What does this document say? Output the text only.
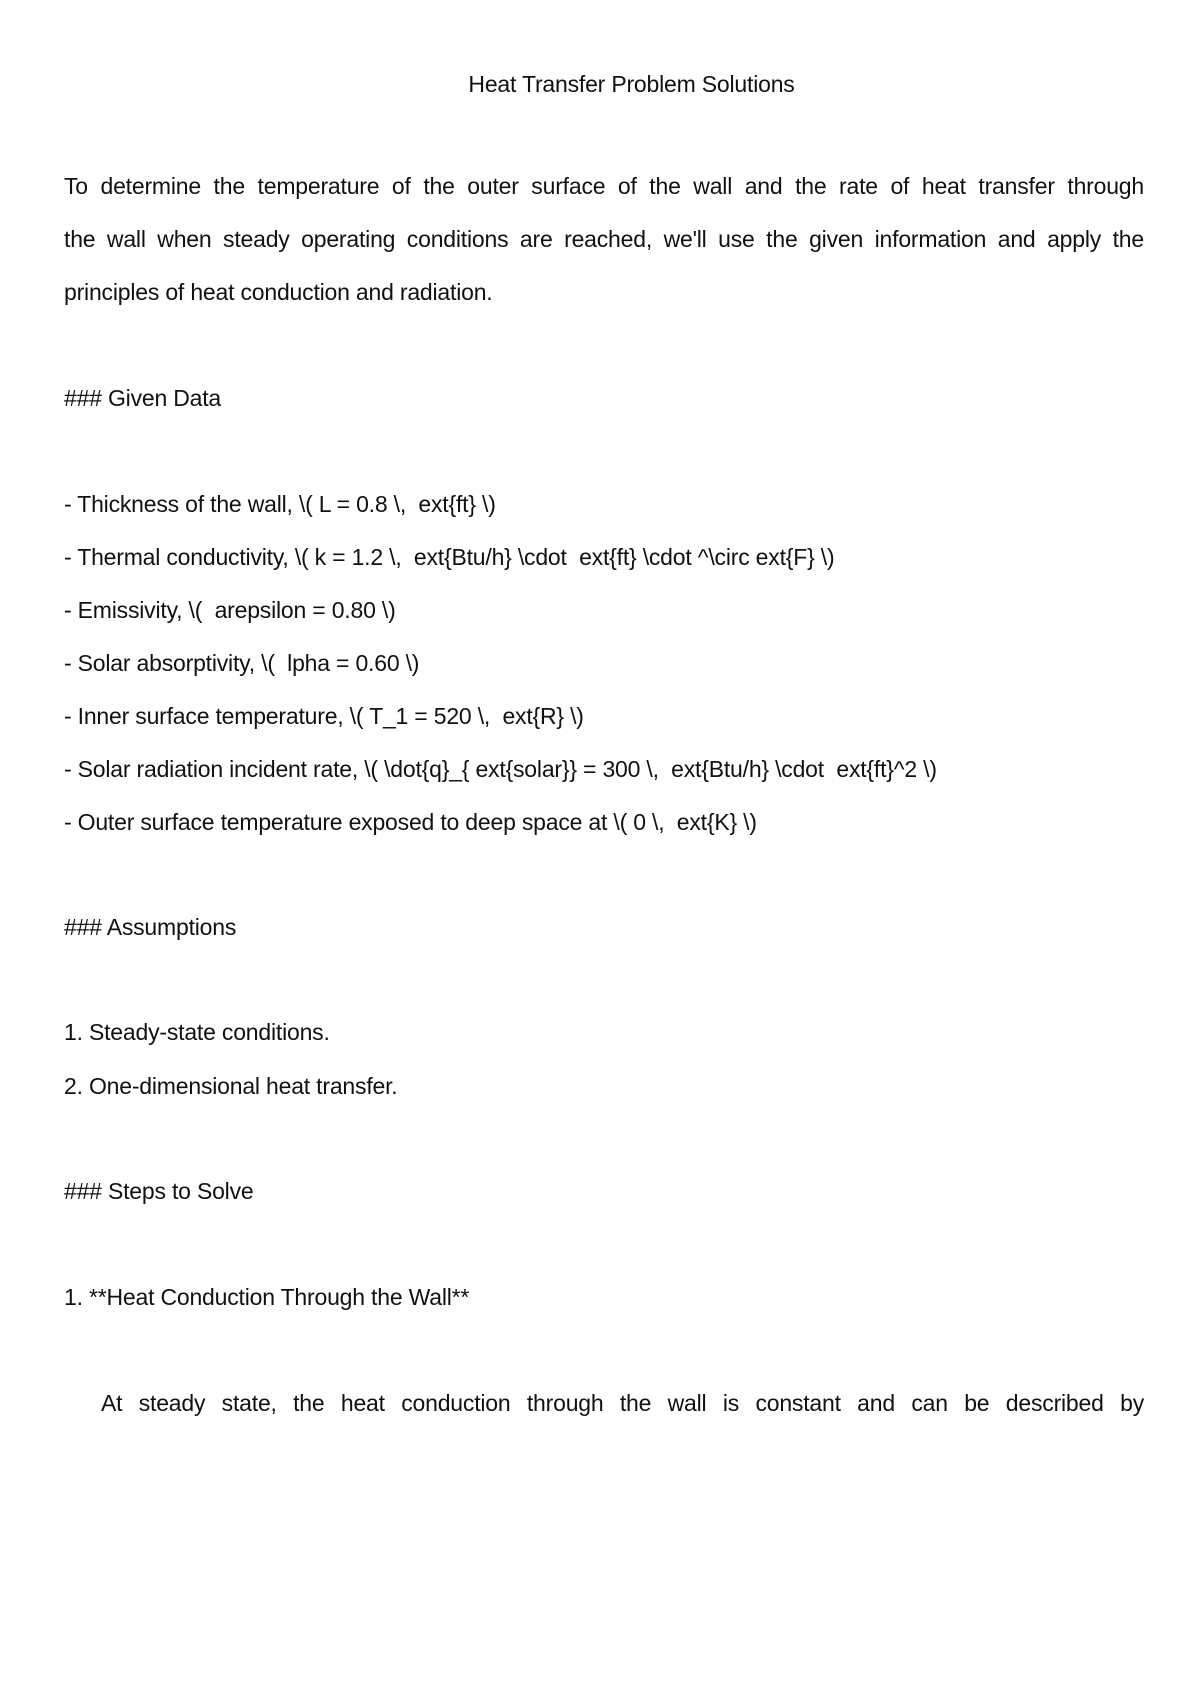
Heat Transfer Problem Solutions
To determine the temperature of the outer surface of the wall and the rate of heat transfer through
the wall when steady operating conditions are reached, we'll use the given information and apply the
principles of heat conduction and radiation.
### Given Data
- Thickness of the wall, \( L = 0.8 \,  ext{ft} \)
- Thermal conductivity, \( k = 1.2 \,  ext{Btu/h} \cdot  ext{ft} \cdot ^\circ ext{F} \)
- Emissivity, \(  arepsilon = 0.80 \)
- Solar absorptivity, \(  lpha = 0.60 \)
- Inner surface temperature, \( T_1 = 520 \,  ext{R} \)
- Solar radiation incident rate, \( \dot{q}_{ ext{solar}} = 300 \,  ext{Btu/h} \cdot  ext{ft}^2 \)
- Outer surface temperature exposed to deep space at \( 0 \,  ext{K} \)
### Assumptions
1. Steady-state conditions.
2. One-dimensional heat transfer.
### Steps to Solve
1. **Heat Conduction Through the Wall**
At steady state, the heat conduction through the wall is constant and can be described by
